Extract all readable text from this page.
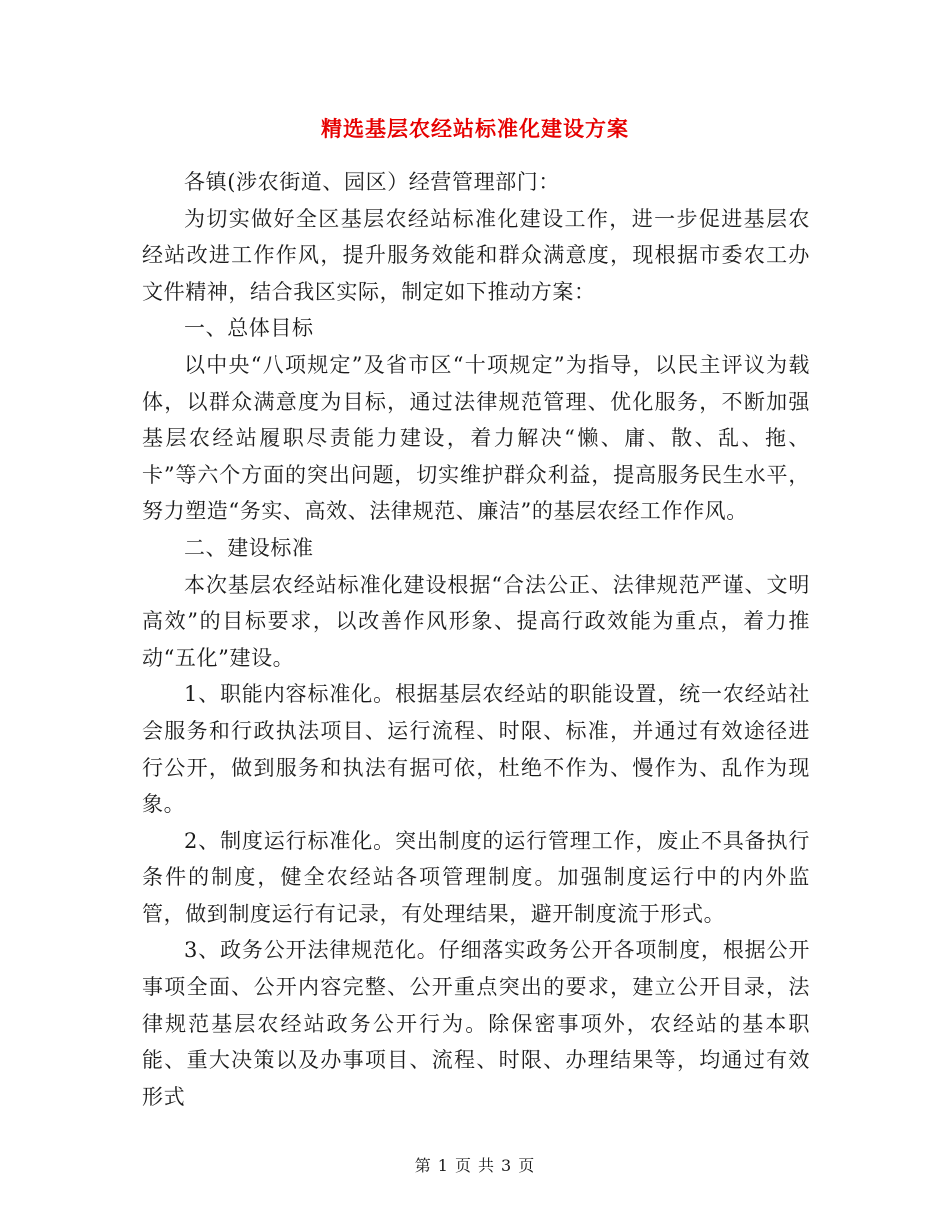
精选基层农经站标准化建设方案

各镇(涉农街道、园区）经营管理部门：

为切实做好全区基层农经站标准化建设工作，进一步促进基层农经站改进工作作风，提升服务效能和群众满意度，现根据市委农工办文件精神，结合我区实际，制定如下推动方案：

一、总体目标

以中央“八项规定”及省市区“十项规定”为指导，以民主评议为载体，以群众满意度为目标，通过法律规范管理、优化服务，不断加强基层农经站履职尽责能力建设，着力解决“懒、庸、散、乱、拖、卡”等六个方面的突出问题，切实维护群众利益，提高服务民生水平，努力塑造“务实、高效、法律规范、廉洁”的基层农经工作作风。

二、建设标准

本次基层农经站标准化建设根据“合法公正、法律规范严谨、文明高效”的目标要求，以改善作风形象、提高行政效能为重点，着力推动“五化”建设。

1、职能内容标准化。根据基层农经站的职能设置，统一农经站社会服务和行政执法项目、运行流程、时限、标准，并通过有效途径进行公开，做到服务和执法有据可依，杜绝不作为、慢作为、乱作为现象。

2、制度运行标准化。突出制度的运行管理工作，废止不具备执行条件的制度，健全农经站各项管理制度。加强制度运行中的内外监管，做到制度运行有记录，有处理结果，避开制度流于形式。

3、政务公开法律规范化。仔细落实政务公开各项制度，根据公开事项全面、公开内容完整、公开重点突出的要求，建立公开目录，法律规范基层农经站政务公开行为。除保密事项外，农经站的基本职能、重大决策以及办事项目、流程、时限、办理结果等，均通过有效形式

第 1 页 共 3 页
